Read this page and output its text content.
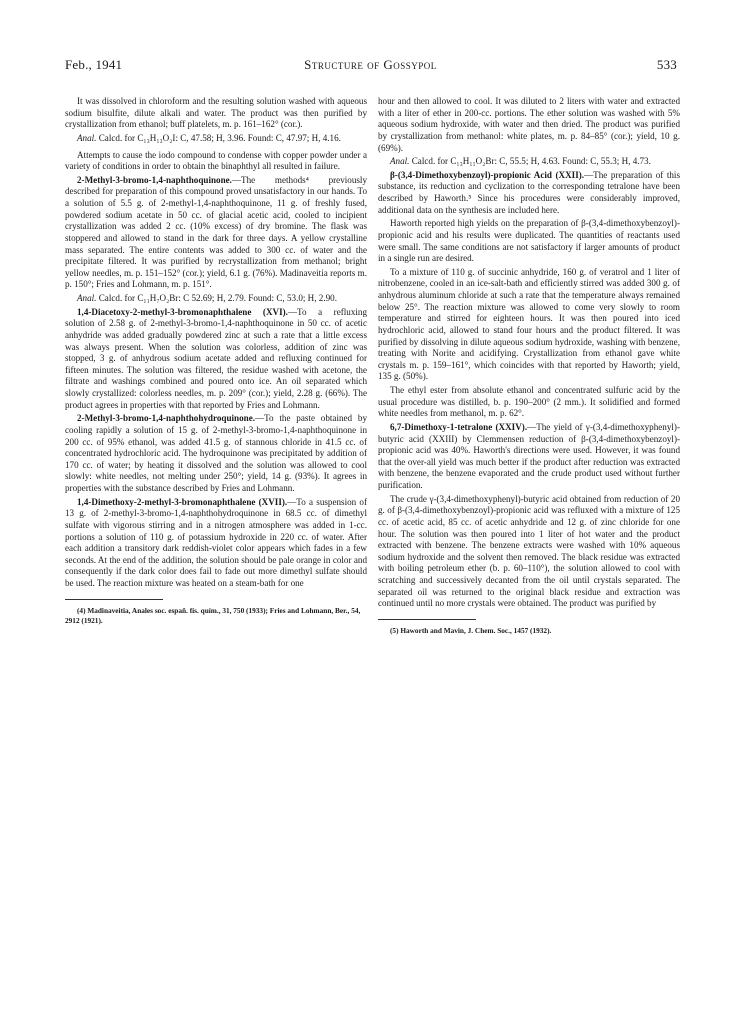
Feb., 1941	Structure of Gossypol	533

It was dissolved in chloroform and the resulting solution washed with aqueous sodium bisulfite, dilute alkali and water. The product was then purified by crystallization from ethanol; buff platelets, m. p. 161–162° (cor.).

Anal. Calcd. for C₁₃H₁₃O₂I: C, 47.58; H, 3.96. Found: C, 47.97; H, 4.16.

Attempts to cause the iodo compound to condense with copper powder under a variety of conditions in order to obtain the binaphthyl all resulted in failure.

2-Methyl-3-bromo-1,4-naphthoquinone.—The methods⁴ previously described for preparation of this compound proved unsatisfactory in our hands. To a solution of 5.5 g. of 2-methyl-1,4-naphthoquinone, 11 g. of freshly fused, powdered sodium acetate in 50 cc. of glacial acetic acid, cooled to incipient crystallization was added 2 cc. (10% excess) of dry bromine. The flask was stoppered and allowed to stand in the dark for three days. A yellow crystalline mass separated. The entire contents was added to 300 cc. of water and the precipitate filtered. It was purified by recrystallization from methanol; bright yellow needles, m. p. 151–152° (cor.); yield, 6.1 g. (76%). Madinaveitia reports m. p. 150°; Fries and Lohmann, m. p. 151°.

Anal. Calcd. for C₁₁H₇O₂Br: C 52.69; H, 2.79. Found: C, 53.0; H, 2.90.

1,4-Diacetoxy-2-methyl-3-bromonaphthalene (XVI).—To a refluxing solution of 2.58 g. of 2-methyl-3-bromo-1,4-naphthoquinone in 50 cc. of acetic anhydride was added gradually powdered zinc at such a rate that a little excess was always present. When the solution was colorless, addition of zinc was stopped, 3 g. of anhydrous sodium acetate added and refluxing continued for fifteen minutes. The solution was filtered, the residue washed with acetone, the filtrate and washings combined and poured onto ice. An oil separated which slowly crystallized: colorless needles, m. p. 209° (cor.); yield, 2.28 g. (66%). The product agrees in properties with that reported by Fries and Lohmann.

2-Methyl-3-bromo-1,4-naphthohydroquinone.—To the paste obtained by cooling rapidly a solution of 15 g. of 2-methyl-3-bromo-1,4-naphthoquinone in 200 cc. of 95% ethanol, was added 41.5 g. of stannous chloride in 41.5 cc. of concentrated hydrochloric acid. The hydroquinone was precipitated by addition of 170 cc. of water; by heating it dissolved and the solution was allowed to cool slowly: white needles, not melting under 250°; yield, 14 g. (93%). It agrees in properties with the substance described by Fries and Lohmann.

1,4-Dimethoxy-2-methyl-3-bromonaphthalene (XVII).—To a suspension of 13 g. of 2-methyl-3-bromo-1,4-naphthohydroquinone in 68.5 cc. of dimethyl sulfate with vigorous stirring and in a nitrogen atmosphere was added in 1-cc. portions a solution of 110 g. of potassium hydroxide in 220 cc. of water. After each addition a transitory dark reddish-violet color appears which fades in a few seconds. At the end of the addition, the solution should be pale orange in color and consequently if the dark color does fail to fade out more dimethyl sulfate should be used. The reaction mixture was heated on a steam-bath for one

(4) Madinaveitia, Anales soc. españ. fís. quím., 31, 750 (1933); Fries and Lohmann, Ber., 54, 2912 (1921).

hour and then allowed to cool. It was diluted to 2 liters with water and extracted with a liter of ether in 200-cc. portions. The ether solution was washed with 5% aqueous sodium hydroxide, with water and then dried. The product was purified by crystallization from methanol: white plates, m. p. 84–85° (cor.); yield, 10 g. (69%).

Anal. Calcd. for C₁₃H₁₁O₂Br: C, 55.5; H, 4.63. Found: C, 55.3; H, 4.73.

β-(3,4-Dimethoxybenzoyl)-propionic Acid (XXII).—The preparation of this substance, its reduction and cyclization to the corresponding tetralone have been described by Haworth.⁵ Since his procedures were considerably improved, additional data on the synthesis are included here.

Haworth reported high yields on the preparation of β-(3,4-dimethoxybenzoyl)-propionic acid and his results were duplicated. The quantities of reactants used were small. The same conditions are not satisfactory if larger amounts of product in a single run are desired.

To a mixture of 110 g. of succinic anhydride, 160 g. of veratrol and 1 liter of nitrobenzene, cooled in an ice-salt-bath and efficiently stirred was added 300 g. of anhydrous aluminum chloride at such a rate that the temperature always remained below 25°. The reaction mixture was allowed to come very slowly to room temperature and stirred for eighteen hours. It was then poured into iced hydrochloric acid, allowed to stand four hours and the product filtered. It was purified by dissolving in dilute aqueous sodium hydroxide, washing with benzene, treating with Norite and acidifying. Crystallization from ethanol gave white crystals m. p. 159–161°, which coincides with that reported by Haworth; yield, 135 g. (50%).

The ethyl ester from absolute ethanol and concentrated sulfuric acid by the usual procedure was distilled, b. p. 190–200° (2 mm.). It solidified and formed white needles from methanol, m. p. 62°.

6,7-Dimethoxy-1-tetralone (XXIV).—The yield of γ-(3,4-dimethoxyphenyl)-butyric acid (XXIII) by Clemmensen reduction of β-(3,4-dimethoxybenzoyl)-propionic acid was 40%. Haworth's directions were used. However, it was found that the over-all yield was much better if the product after reduction was extracted with benzene, the benzene evaporated and the crude product used without further purification.

The crude γ-(3,4-dimethoxyphenyl)-butyric acid obtained from reduction of 20 g. of β-(3,4-dimethoxybenzoyl)-propionic acid was refluxed with a mixture of 125 cc. of acetic acid, 85 cc. of acetic anhydride and 12 g. of zinc chloride for one hour. The solution was then poured into 1 liter of hot water and the product extracted with benzene. The benzene extracts were washed with 10% aqueous sodium hydroxide and the solvent then removed. The black residue was extracted with boiling petroleum ether (b. p. 60–110°), the solution allowed to cool with scratching and successively decanted from the oil until crystals separated. The separated oil was returned to the original black residue and extraction was continued until no more crystals were obtained. The product was purified by

(5) Haworth and Mavin, J. Chem. Soc., 1457 (1932).
